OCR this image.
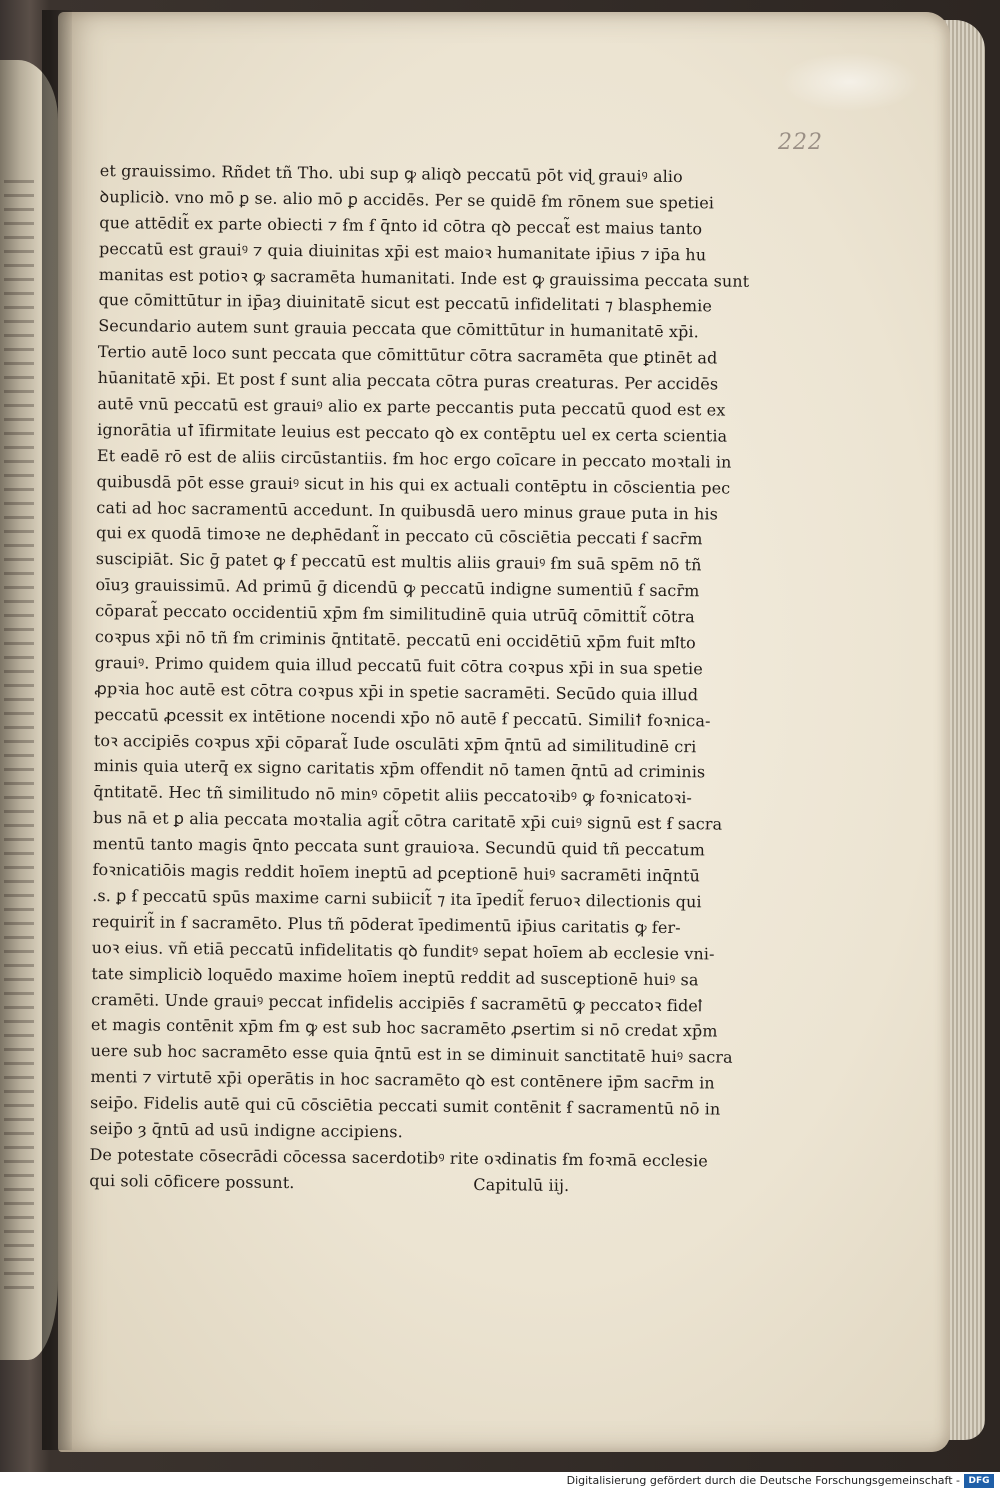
222
et grauissimo. Rñdet tñ Tho. ubi sup ꝙ aliqꝺ peccatū pōt viɖ grauiꝰ alio
ꝺupliciꝺ. vno mō ꝑ se. alio mō ꝑ accidēs. Per se quidē ẜm rōnem sue spetiei
que attēdit̃ ex parte obiecti ⁊ ẜm ẜ q̄nto id cōtra qꝺ peccat̃ est maius tanto
peccatū est grauiꝰ ⁊ quia diuinitas xp̄i est maioꝛ humanitate ip̄ius ⁊ ip̄a hu
manitas est potioꝛ ꝙ sacramēta humanitati. Inde est ꝙ grauissima peccata sunt
que cōmittūtur in ip̄aȝ diuinitatē sicut est peccatū infidelitati ⁊ blasphemie
Secundario autem sunt grauia peccata que cōmittūtur in humanitatē xp̄i.
Tertio autē loco sunt peccata que cōmittūtur cōtra sacramēta que ꝑtinēt ad
hūanitatē xp̄i. Et post ẜ sunt alia peccata cōtra puras creaturas. Per accidēs
autē vnū peccatū est grauiꝰ alio ex parte peccantis puta peccatū quod est ex
ignorātia uꝉ īfirmitate leuius est peccato qꝺ ex contēptu uel ex certa scientia
Et eadē rō est de aliis circūstantiis. ẜm hoc ergo coīcare in peccato moꝛtali in
quibusdā pōt esse grauiꝰ sicut in his qui ex actuali contēptu in cōscientia pec
cati ad hoc sacramentū accedunt. In quibusdā uero minus graue puta in his
qui ex quodā timoꝛe ne deꝓhēdant̃ in peccato cū cōsciētia peccati ẜ sacr̄m
suscipiāt. Sic ḡ patet ꝙ ẜ peccatū est multis aliis grauiꝰ ẜm suā spēm nō tñ
oīuȝ grauissimū. Ad primū ḡ dicendū ꝙ peccatū indigne sumentiū ẜ sacr̄m
cōparat̃ peccato occidentiū xp̄m ẜm similitudinē quia utrūq̄ cōmittit̃ cōtra
coꝛpus xp̄i nō tñ ẜm criminis q̄ntitatē. peccatū eni occidētiū xp̄m fuit mꝉto
grauiꝰ. Primo quidem quia illud peccatū fuit cōtra coꝛpus xp̄i in sua spetie
ꝓpꝛia hoc autē est cōtra coꝛpus xp̄i in spetie sacramēti. Secūdo quia illud
peccatū ꝓcessit ex intētione nocendi xp̄o nō autē ẜ peccatū. Similiꝉ foꝛnica-
toꝛ accipiēs coꝛpus xp̄i cōparat̃ Iude osculāti xp̄m q̄ntū ad similitudinē cri
minis quia uterq̄ ex signo caritatis xp̄m offendit nō tamen q̄ntū ad criminis
q̄ntitatē. Hec tñ similitudo nō minꝰ cōpetit aliis peccatoꝛibꝰ ꝙ foꝛnicatoꝛi-
bus nā et ꝑ alia peccata moꝛtalia agit̃ cōtra caritatē xp̄i cuiꝰ signū est ẜ sacra
mentū tanto magis q̄nto peccata sunt grauioꝛa. Secundū quid tñ peccatum
foꝛnicatiōis magis reddit hoīem ineptū ad ꝑceptionē huiꝰ sacramēti inq̄ntū
.s. ꝑ ẜ peccatū spūs maxime carni subiicit̃ ⁊ ita īpedit̃ feruoꝛ dilectionis qui
requirit̃ in ẜ sacramēto. Plus tñ pōderat īpedimentū ip̄ius caritatis ꝙ fer-
uoꝛ eius. vñ etiā peccatū infidelitatis qꝺ funditꝰ sepat hoīem ab ecclesie vni-
tate simpliciꝺ loquēdo maxime hoīem ineptū reddit ad susceptionē huiꝰ sa
cramēti. Unde grauiꝰ peccat infidelis accipiēs ẜ sacramētū ꝙ peccatoꝛ fideꝉ
et magis contēnit xp̄m ẜm ꝙ est sub hoc sacramēto ꝓsertim si nō credat xp̄m
uere sub hoc sacramēto esse quia q̄ntū est in se diminuit sanctitatē huiꝰ sacra
menti ⁊ virtutē xp̄i operātis in hoc sacramēto qꝺ est contēnere ip̄m sacr̄m in
seip̄o. Fidelis autē qui cū cōsciētia peccati sumit contēnit ẜ sacramentū nō in
seip̄o ȝ q̄ntū ad usū indigne accipiens.
De potestate cōsecrādi cōcessa sacerdotibꝰ rite oꝛdinatis ẜm foꝛmā ecclesie
qui soli cōficere possunt.	Capitulū iij.
Digitalisierung gefördert durch die Deutsche Forschungsgemeinschaft - DFG
